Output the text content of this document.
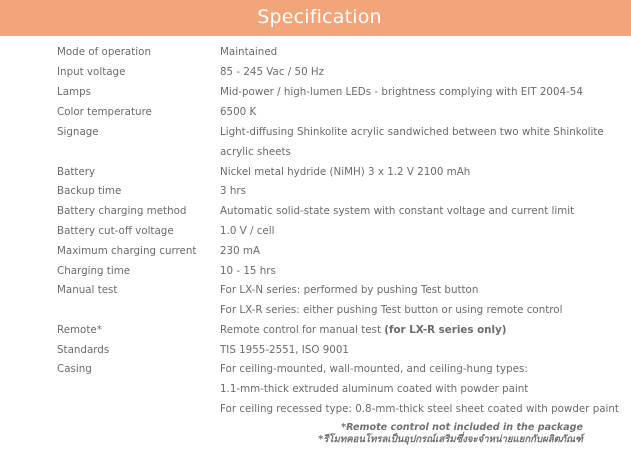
Specification
Mode of operation	Maintained
Input voltage	85 - 245 Vac / 50 Hz
Lamps	Mid-power / high-lumen LEDs - brightness complying with EIT 2004-54
Color temperature	6500 K
Signage	Light-diffusing Shinkolite acrylic sandwiched between two white Shinkolite
acrylic sheets
Battery	Nickel metal hydride (NiMH) 3 x 1.2 V 2100 mAh
Backup time	3 hrs
Battery charging method	Automatic solid-state system with constant voltage and current limit
Battery cut-off voltage	1.0 V / cell
Maximum charging current 230 mA
Charging time	10 - 15 hrs
Manual test	For LX-N series: performed by pushing Test button
For LX-R series: either pushing Test button or using remote control
Remote*	Remote control for manual test (for LX-R series only)
Standards	TIS 1955-2551, ISO 9001
Casing	For ceiling-mounted, wall-mounted, and ceiling-hung types:
1.1-mm-thick extruded aluminum coated with powder paint
For ceiling recessed type: 0.8-mm-thick steel sheet coated with powder paint
*Remote control not included in the package
*รีโมทคอนโทรลเป็นอุปกรณ์เสริมซึ่งจะจำหน่ายแยกกับผลิตภัณฑ์
